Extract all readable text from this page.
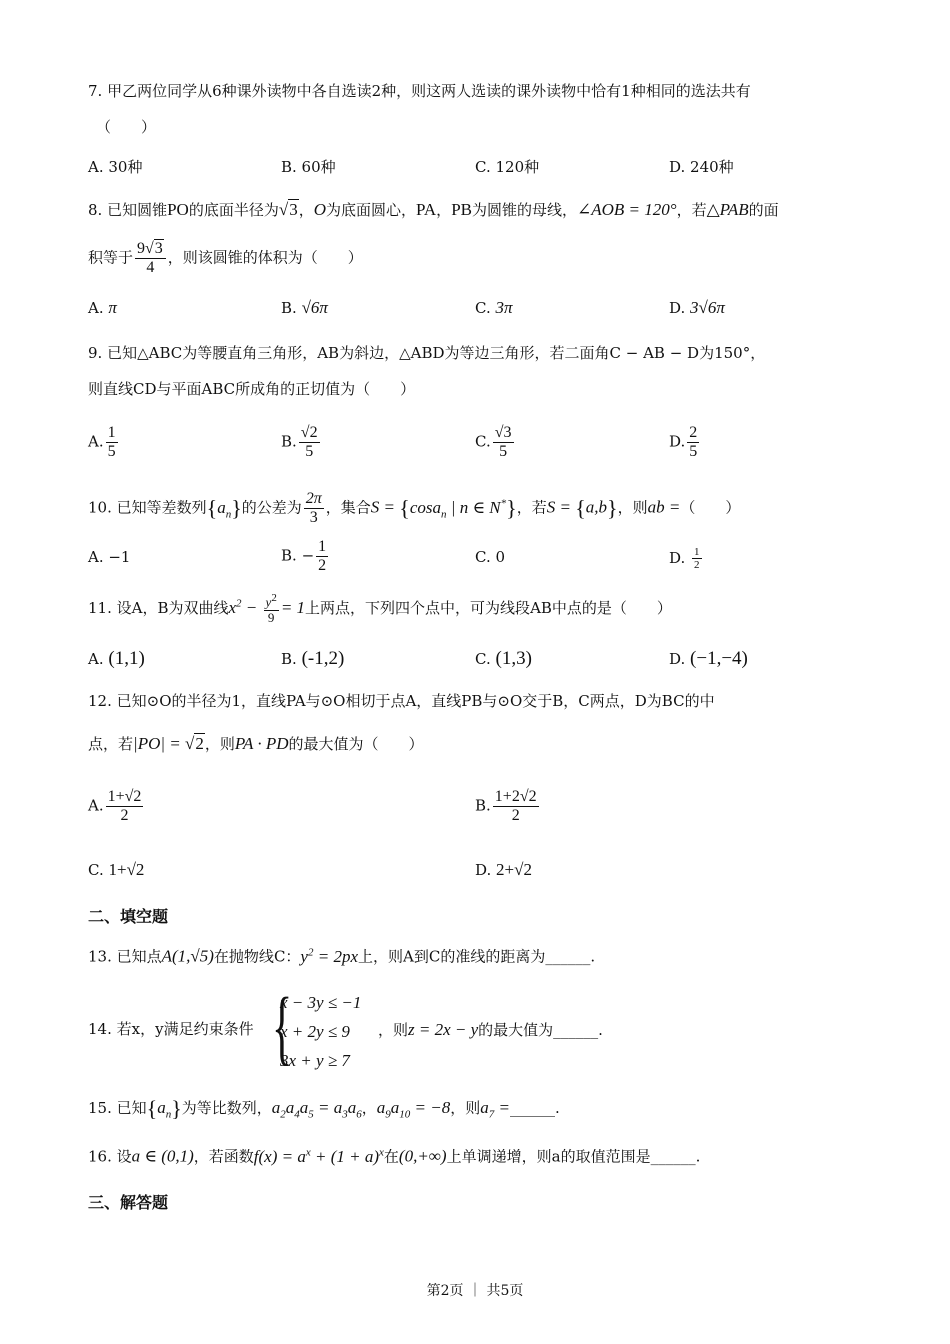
7. 甲乙两位同学从6种课外读物中各自选读2种，则这两人选读的课外读物中恰有1种相同的选法共有
（　　）
A. 30种	B. 60种	C. 120种	D. 240种
8. 已知圆锥PO的底面半径为√3，O为底面圆心，PA，PB为圆锥的母线，∠AOB = 120°，若△PAB的面
积等于 $\frac{9√3}{4}$ ，则该圆锥的体积为（　　）
A. π	B. √6π	C. 3π	D. 3√6π
9. 已知△ABC为等腰直角三角形，AB为斜边，△ABD为等边三角形，若二面角C − AB − D为150°，
则直线CD与平面ABC所成角的正切值为（　　）
A. $\frac{1}{5}$	B. $\frac{√2}{5}$	C. $\frac{√3}{5}$	D. $\frac{2}{5}$
10. 已知等差数列$\{a_n\}$的公差为 $\frac{2\pi}{3}$ ，集合S = {cosa$_n$ | n ∈ N*}，若S = {a,b}，则ab =（　　）
A. −1	B. − $\frac{1}{2}$	C. 0	D. $\frac{1}{2}$
11. 设A，B为双曲线$x^2 - \frac{y^2}{9} = 1$上两点，下列四个点中，可为线段AB中点的是（　　）
A. (1,1)	B. (-1,2)	C. (1,3)	D. (−1,−4)
12. 已知⊙O的半径为1，直线PA与⊙O相切于点A，直线PB与⊙O交于B，C两点，D为BC的中
点，若|PO| = √2，则PA · PD的最大值为（　　）
A. $\frac{1+√2}{2}$	B. $\frac{1+2√2}{2}$
C. 1+√2	D. 2+√2
二、填空题
13. 已知点A(1,√5)在抛物线C：$y^2 = 2px$上，则A到C的准线的距离为______.
{
x − 3y ≤ −1
x + 2y ≤ 9
3x + y ≥ 7
14. 若x，y满足约束条件	，则z = 2x − y的最大值为______.
15. 已知$\{a_n\}$为等比数列，$a_2a_4a_5 = a_3a_6$，$a_9a_{10} = -8$，则$a_7$ =______.
16. 设a ∈ (0,1)，若函数$f(x) = a^x + (1 + a)^x$在(0,+∞)上单调递增，则a的取值范围是______.
三、解答题
第2页 ｜ 共5页
